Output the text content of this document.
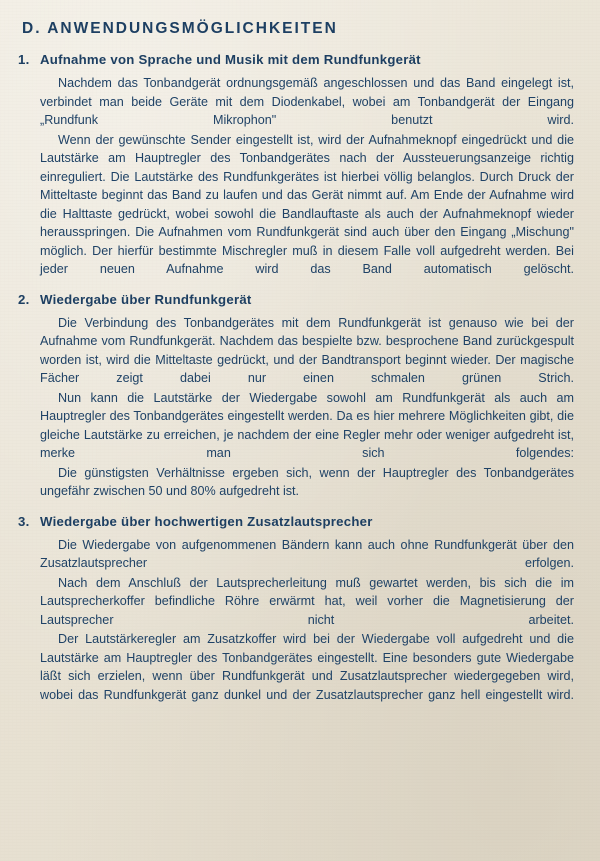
D. ANWENDUNGSMÖGLICHKEITEN
1. Aufnahme von Sprache und Musik mit dem Rundfunkgerät

Nachdem das Tonbandgerät ordnungsgemäß angeschlossen und das Band eingelegt ist, verbindet man beide Geräte mit dem Diodenkabel, wobei am Tonbandgerät der Eingang „Rundfunk Mikrophon" benutzt wird.

Wenn der gewünschte Sender eingestellt ist, wird der Aufnahmeknopf eingedrückt und die Lautstärke am Hauptregler des Tonbandgerätes nach der Aussteuerungsanzeige richtig einreguliert. Die Lautstärke des Rundfunkgerätes ist hierbei völlig belanglos. Durch Druck der Mitteltaste beginnt das Band zu laufen und das Gerät nimmt auf. Am Ende der Aufnahme wird die Halttaste gedrückt, wobei sowohl die Bandlauftaste als auch der Aufnahmeknopf wieder herausspringen. Die Aufnahmen vom Rundfunkgerät sind auch über den Eingang „Mischung" möglich. Der hierfür bestimmte Mischregler muß in diesem Falle voll aufgedreht werden. Bei jeder neuen Aufnahme wird das Band automatisch gelöscht.

2. Wiedergabe über Rundfunkgerät

Die Verbindung des Tonbandgerätes mit dem Rundfunkgerät ist genauso wie bei der Aufnahme vom Rundfunkgerät. Nachdem das bespielte bzw. besprochene Band zurückgespult worden ist, wird die Mitteltaste gedrückt, und der Bandtransport beginnt wieder. Der magische Fächer zeigt dabei nur einen schmalen grünen Strich.

Nun kann die Lautstärke der Wiedergabe sowohl am Rundfunkgerät als auch am Hauptregler des Tonbandgerätes eingestellt werden. Da es hier mehrere Möglichkeiten gibt, die gleiche Lautstärke zu erreichen, je nachdem der eine Regler mehr oder weniger aufgedreht ist, merke man sich folgendes:

Die günstigsten Verhältnisse ergeben sich, wenn der Hauptregler des Tonbandgerätes ungefähr zwischen 50 und 80% aufgedreht ist.

3. Wiedergabe über hochwertigen Zusatzlautsprecher

Die Wiedergabe von aufgenommenen Bändern kann auch ohne Rundfunkgerät über den Zusatzlautsprecher erfolgen.

Nach dem Anschluß der Lautsprecherleitung muß gewartet werden, bis sich die im Lautsprecherkoffer befindliche Röhre erwärmt hat, weil vorher die Magnetisierung der Lautsprecher nicht arbeitet.

Der Lautstärkeregler am Zusatzkoffer wird bei der Wiedergabe voll aufgedreht und die Lautstärke am Hauptregler des Tonbandgerätes eingestellt. Eine besonders gute Wiedergabe läßt sich erzielen, wenn über Rundfunkgerät und Zusatzlautsprecher wiedergegeben wird, wobei das Rundfunkgerät ganz dunkel und der Zusatzlautsprecher ganz hell eingestellt wird.
